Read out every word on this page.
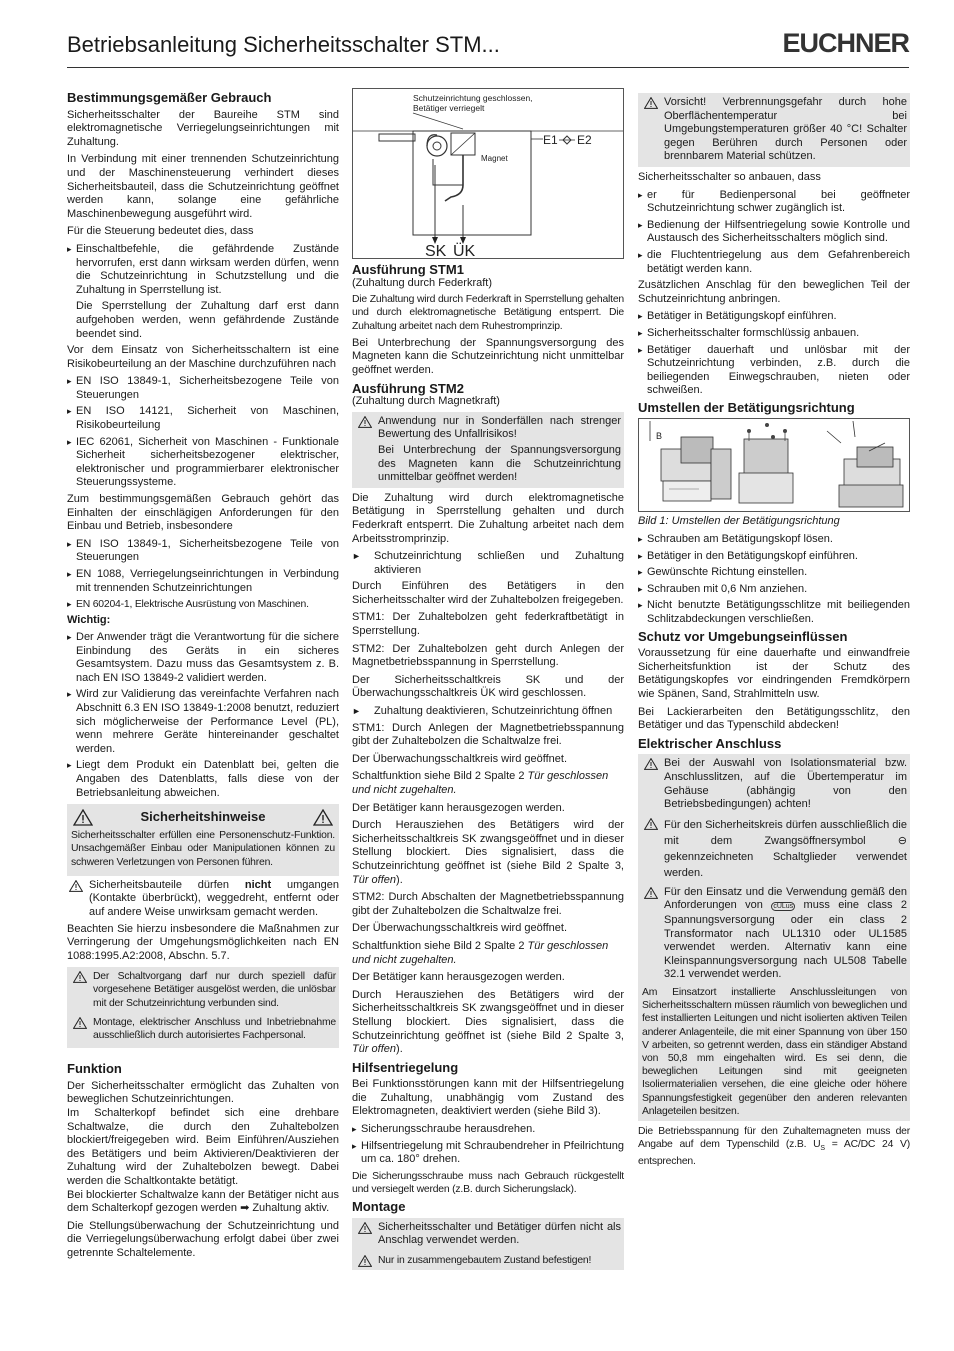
Betriebsanleitung Sicherheitsschalter STM...	EUCHNER
Bestimmungsgemäßer Gebrauch

Sicherheitsschalter der Baureihe STM sind elektromagnetische Verriegelungseinrichtungen mit Zuhaltung.

In Verbindung mit einer trennenden Schutzeinrichtung und der Maschinensteuerung verhindert dieses Sicherheitsbauteil, dass die Schutzeinrichtung geöffnet werden kann, solange eine gefährliche Maschinenbewegung ausgeführt wird.

Für die Steuerung bedeutet dies, dass

▸ Einschaltbefehle, die gefährdende Zustände hervorrufen, erst dann wirksam werden dürfen, wenn die Schutzeinrichtung in Schutzstellung und die Zuhaltung in Sperrstellung ist.
Die Sperrstellung der Zuhaltung darf erst dann aufgehoben werden, wenn gefährdende Zustände beendet sind.

Vor dem Einsatz von Sicherheitsschaltern ist eine Risikobeurteilung an der Maschine durchzuführen nach

▸ EN ISO 13849-1, Sicherheitsbezogene Teile von Steuerungen
▸ EN ISO 14121, Sicherheit von Maschinen, Risikobeurteilung
▸ IEC 62061, Sicherheit von Maschinen - Funktionale Sicherheit sicherheitsbezogener elektrischer, elektronischer und programmierbarer elektronischer Steuerungssysteme.

Zum bestimmungsgemäßen Gebrauch gehört das Einhalten der einschlägigen Anforderungen für den Einbau und Betrieb, insbesondere

▸ EN ISO 13849-1, Sicherheitsbezogene Teile von Steuerungen
▸ EN 1088, Verriegelungseinrichtungen in Verbindung mit trennenden Schutzeinrichtungen
▸ EN 60204-1, Elektrische Ausrüstung von Maschinen.
Wichtig:
▸ Der Anwender trägt die Verantwortung für die sichere Einbindung des Geräts in ein sicheres Gesamtsystem. Dazu muss das Gesamtsystem z. B. nach EN ISO 13849-2 validiert werden.
▸ Wird zur Validierung das vereinfachte Verfahren nach Abschnitt 6.3 EN ISO 13849-1:2008 benutzt, reduziert sich möglicherweise der Performance Level (PL), wenn mehrere Geräte hintereinander geschaltet werden.
▸ Liegt dem Produkt ein Datenblatt bei, gelten die Angaben des Datenblatts, falls diese von der Betriebsanleitung abweichen.
Sicherheitshinweise

Sicherheitsschalter erfüllen eine Personenschutz-Funktion. Unsachgemäßer Einbau oder Manipulationen können zu schweren Verletzungen von Personen führen.

Sicherheitsbauteile dürfen nicht umgangen (Kontakte überbrückt), weggedreht, entfernt oder auf andere Weise unwirksam gemacht werden.

Beachten Sie hierzu insbesondere die Maßnahmen zur Verringerung der Umgehungsmöglichkeiten nach EN 1088:1995.A2:2008, Abschn. 5.7.

Der Schaltvorgang darf nur durch speziell dafür vorgesehene Betätiger ausgelöst werden, die unlösbar mit der Schutzeinrichtung verbunden sind.
Montage, elektrischer Anschluss und Inbetriebnahme ausschließlich durch autorisiertes Fachpersonal.
Funktion

Der Sicherheitsschalter ermöglicht das Zuhalten von beweglichen Schutzeinrichtungen.

Im Schalterkopf befindet sich eine drehbare Schaltwalze, die durch den Zuhaltebolzen blockiert/freigegeben wird. Beim Einführen/Ausziehen des Betätigers und beim Aktivieren/Deaktivieren der Zuhaltung wird der Zuhaltebolzen bewegt. Dabei werden die Schaltkontakte betätigt.

Bei blockierter Schaltwalze kann der Betätiger nicht aus dem Schalterkopf gezogen werden ➡ Zuhaltung aktiv.

Die Stellungsüberwachung der Schutzeinrichtung und die Verriegelungsüberwachung erfolgt dabei über zwei getrennte Schaltelemente.

Schutzeinrichtung geschlossen,
Betätiger verriegelt
Magnet
E1 E2
SK ÜK
Ausführung STM1
(Zuhaltung durch Federkraft)

Die Zuhaltung wird durch Federkraft in Sperrstellung gehalten und durch elektromagnetische Betätigung entsperrt. Die Zuhaltung arbeitet nach dem Ruhestromprinzip.

Bei Unterbrechung der Spannungsversorgung des Magneten kann die Schutzeinrichtung nicht unmittelbar geöffnet werden.

Ausführung STM2
(Zuhaltung durch Magnetkraft)
Anwendung nur in Sonderfällen nach strenger Bewertung des Unfallrisikos!
Bei Unterbrechung der Spannungsversorgung des Magneten kann die Schutzeinrichtung unmittelbar geöffnet werden!

Die Zuhaltung wird durch elektromagnetische Betätigung in Sperrstellung gehalten und durch Federkraft entsperrt. Die Zuhaltung arbeitet nach dem Arbeitsstromprinzip.

► Schutzeinrichtung schließen und Zuhaltung aktivieren

Durch Einführen des Betätigers in den Sicherheitsschalter wird der Zuhaltebolzen freigegeben.

STM1: Der Zuhaltebolzen geht federkraftbetätigt in Sperrstellung.

STM2: Der Zuhaltebolzen geht durch Anlegen der Magnetbetriebsspannung in Sperrstellung.

Der Sicherheitsschaltkreis SK und der Überwachungsschaltkreis ÜK wird geschlossen.

► Zuhaltung deaktivieren, Schutzeinrichtung öffnen

STM1: Durch Anlegen der Magnetbetriebsspannung gibt der Zuhaltebolzen die Schaltwalze frei.

Der Überwachungsschaltkreis wird geöffnet.

Schaltfunktion siehe Bild 2 Spalte 2 Tür geschlossen und nicht zugehalten.

Der Betätiger kann herausgezogen werden.

Durch Herausziehen des Betätigers wird der Sicherheitsschaltkreis SK zwangsgeöffnet und in dieser Stellung blockiert. Dies signalisiert, dass die Schutzeinrichtung geöffnet ist (siehe Bild 2 Spalte 3, Tür offen).

STM2: Durch Abschalten der Magnetbetriebsspannung gibt der Zuhaltebolzen die Schaltwalze frei.

Der Überwachungsschaltkreis wird geöffnet.

Schaltfunktion siehe Bild 2 Spalte 2 Tür geschlossen und nicht zugehalten.

Der Betätiger kann herausgezogen werden.

Durch Herausziehen des Betätigers wird der Sicherheitsschaltkreis SK zwangsgeöffnet und in dieser Stellung blockiert. Dies signalisiert, dass die Schutzeinrichtung geöffnet ist (siehe Bild 2 Spalte 3, Tür offen).

Hilfsentriegelung

Bei Funktionsstörungen kann mit der Hilfsentriegelung die Zuhaltung, unabhängig vom Zustand des Elektromagneten, deaktiviert werden (siehe Bild 3).

▸ Sicherungsschraube herausdrehen.
▸ Hilfsentriegelung mit Schraubendreher in Pfeilrichtung um ca. 180° drehen.

Die Sicherungsschraube muss nach Gebrauch rückgestellt und versiegelt werden (z.B. durch Sicherungslack).

Montage
Sicherheitsschalter und Betätiger dürfen nicht als Anschlag verwendet werden.
Nur in zusammengebautem Zustand befestigen!
Vorsicht! Verbrennungsgefahr durch hohe Oberflächentemperatur bei Umgebungstemperaturen größer 40 °C! Schalter gegen Berühren durch Personen oder brennbarem Material schützen.

Sicherheitsschalter so anbauen, dass

▸ er für Bedienpersonal bei geöffneter Schutzeinrichtung schwer zugänglich ist.
▸ Bedienung der Hilfsentriegelung sowie Kontrolle und Austausch des Sicherheitsschalters möglich sind.
▸ die Fluchtentriegelung aus dem Gefahrenbereich betätigt werden kann.

Zusätzlichen Anschlag für den beweglichen Teil der Schutzeinrichtung anbringen.

▸ Betätiger in Betätigungskopf einführen.
▸ Sicherheitsschalter formschlüssig anbauen.
▸ Betätiger dauerhaft und unlösbar mit der Schutzeinrichtung verbinden, z.B. durch die beiliegenden Einwegschrauben, nieten oder schweißen.
Umstellen der Betätigungsrichtung
B
Bild 1: Umstellen der Betätigungsrichtung
▸ Schrauben am Betätigungskopf lösen.
▸ Betätiger in den Betätigungskopf einführen.
▸ Gewünschte Richtung einstellen.
▸ Schrauben mit 0,6 Nm anziehen.
▸ Nicht benutzte Betätigungsschlitze mit beiliegenden Schlitzabdeckungen verschließen.
Schutz vor Umgebungseinflüssen

Voraussetzung für eine dauerhafte und einwandfreie Sicherheitsfunktion ist der Schutz des Betätigungskopfes vor eindringenden Fremdkörpern wie Spänen, Sand, Strahlmitteln usw.

Bei Lackierarbeiten den Betätigungsschlitz, den Betätiger und das Typenschild abdecken!

Elektrischer Anschluss
Bei der Auswahl von Isolationsmaterial bzw. Anschlusslitzen, auf die Übertemperatur im Gehäuse (abhängig von den Betriebsbedingungen) achten!
Für den Sicherheitskreis dürfen ausschließlich die mit dem Zwangsöffnersymbol ⊖ gekennzeichneten Schaltglieder verwendet werden.
Für den Einsatz und die Verwendung gemäß den Anforderungen von cULus muss eine class 2 Spannungsversorgung oder ein class 2 Transformator nach UL1310 oder UL1585 verwendet werden. Alternativ kann eine Kleinspannungsversorgung nach UL508 Tabelle 32.1 verwendet werden.

Am Einsatzort installierte Anschlussleitungen von Sicherheitsschaltern müssen räumlich von beweglichen und fest installierten Leitungen und nicht isolierten aktiven Teilen anderer Anlagenteile, die mit einer Spannung von über 150 V arbeiten, so getrennt werden, dass ein ständiger Abstand von 50,8 mm eingehalten wird. Es sei denn, die beweglichen Leitungen sind mit geeigneten Isoliermaterialien versehen, die eine gleiche oder höhere Spannungsfestigkeit gegenüber den anderen relevanten Anlageteilen besitzen.

Die Betriebsspannung für den Zuhaltemagneten muss der Angabe auf dem Typenschild (z.B. $U_S = AC/DC$ 24 V) entsprechen.
